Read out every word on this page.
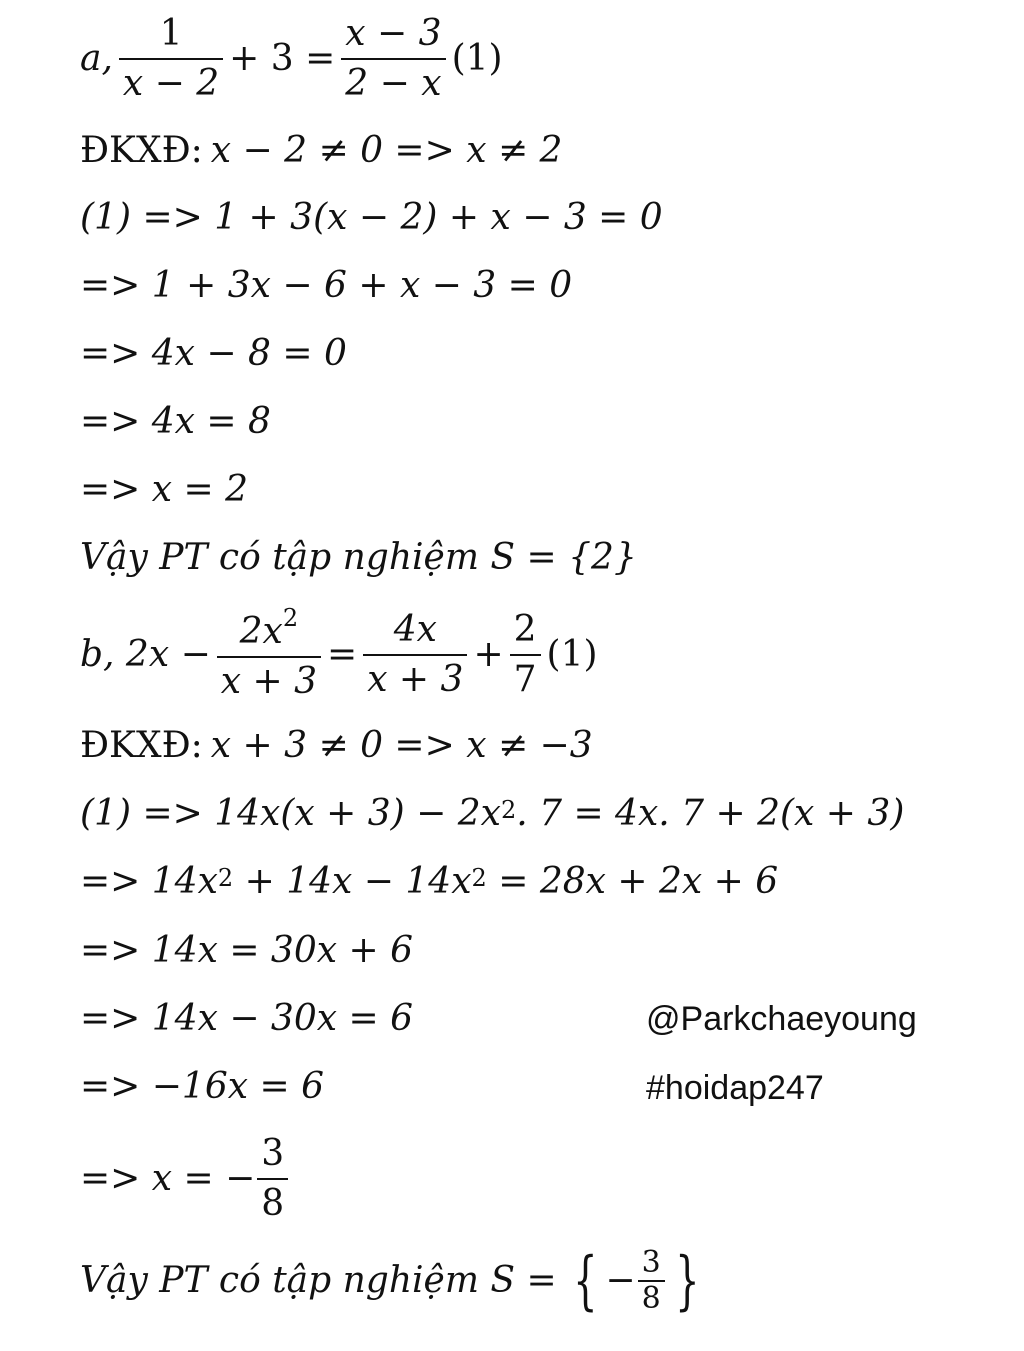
a, $\frac{1}{x - 2} + 3 = \frac{x - 3}{2 - x} (1)$
ĐKXĐ: x − 2 ≠ 0 => x ≠ 2
(1) => 1 + 3(x − 2) + x − 3 = 0
=> 1 + 3x − 6 + x − 3 = 0
=> 4x − 8 = 0
=> 4x = 8
=> x = 2
Vậy PT có tập nghiệm S = {2}
b, $2x - \frac{2x^2}{x + 3} = \frac{4x}{x + 3} + \frac{2}{7} (1)$
ĐKXĐ: x + 3 ≠ 0 => x ≠ −3
$(1) => 14x(x + 3) - 2x^2$ . 7 = 4x. 7 + 2(x + 3)
=> $14x^2 + 14x - 14x^2 = 28x + 2x + 6$
=> 14x = 30x + 6
=> 14x − 30x = 6
=> −16x = 6
=> x = − $\frac{3}{8}$
Vậy PT có tập nghiệm S = { − $\frac{3}{8}$ }
@Parkchaeyoung
#hoidap247
